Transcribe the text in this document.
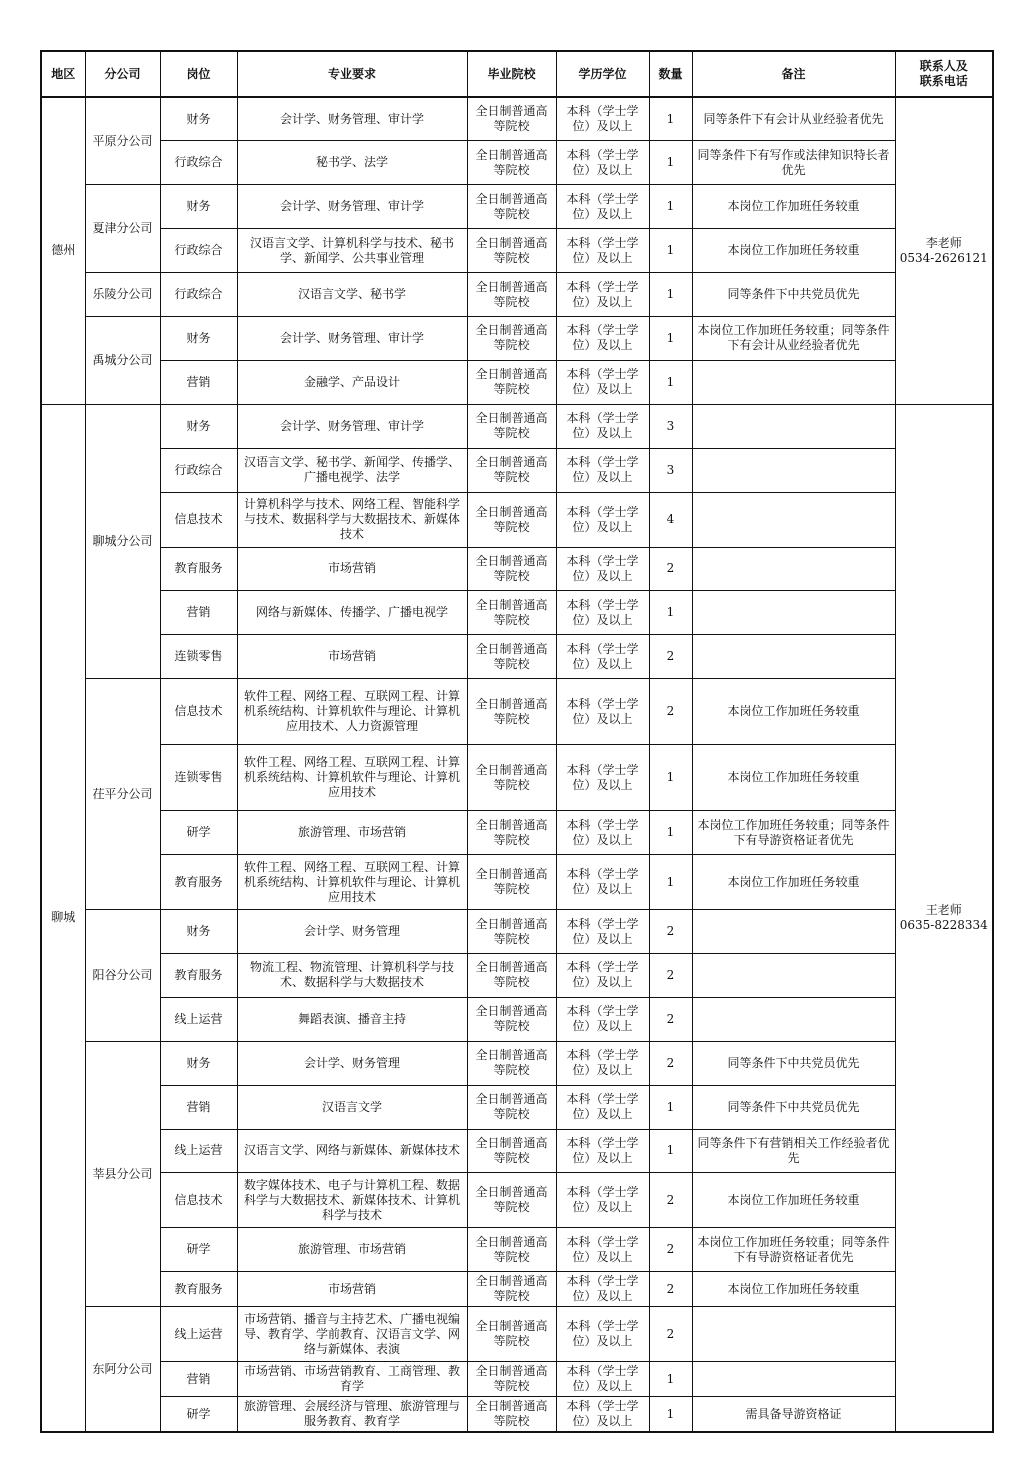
地区	分公司	岗位	专业要求	毕业院校	学历学位	数量	备注	联系人及
联系电话
德州	平原分公司	财务	会计学、财务管理、审计学	全日制普通高等院校	本科（学士学位）及以上	1	同等条件下有会计从业经验者优先	李老师
0534-2626121
		行政综合	秘书学、法学	全日制普通高等院校	本科（学士学位）及以上	1	同等条件下有写作或法律知识特长者优先	
	夏津分公司	财务	会计学、财务管理、审计学	全日制普通高等院校	本科（学士学位）及以上	1	本岗位工作加班任务较重	
		行政综合	汉语言文学、计算机科学与技术、秘书学、新闻学、公共事业管理	全日制普通高等院校	本科（学士学位）及以上	1	本岗位工作加班任务较重	
	乐陵分公司	行政综合	汉语言文学、秘书学	全日制普通高等院校	本科（学士学位）及以上	1	同等条件下中共党员优先	
	禹城分公司	财务	会计学、财务管理、审计学	全日制普通高等院校	本科（学士学位）及以上	1	本岗位工作加班任务较重；同等条件下有会计从业经验者优先	
		营销	金融学、产品设计	全日制普通高等院校	本科（学士学位）及以上	1		
聊城	聊城分公司	财务	会计学、财务管理、审计学	全日制普通高等院校	本科（学士学位）及以上	3		王老师
0635-8228334
		行政综合	汉语言文学、秘书学、新闻学、传播学、广播电视学、法学	全日制普通高等院校	本科（学士学位）及以上	3		
		信息技术	计算机科学与技术、网络工程、智能科学与技术、数据科学与大数据技术、新媒体技术	全日制普通高等院校	本科（学士学位）及以上	4		
		教育服务	市场营销	全日制普通高等院校	本科（学士学位）及以上	2		
		营销	网络与新媒体、传播学、广播电视学	全日制普通高等院校	本科（学士学位）及以上	1		
		连锁零售	市场营销	全日制普通高等院校	本科（学士学位）及以上	2		
	茌平分公司	信息技术	软件工程、网络工程、互联网工程、计算机系统结构、计算机软件与理论、计算机应用技术、人力资源管理	全日制普通高等院校	本科（学士学位）及以上	2	本岗位工作加班任务较重	
		连锁零售	软件工程、网络工程、互联网工程、计算机系统结构、计算机软件与理论、计算机应用技术	全日制普通高等院校	本科（学士学位）及以上	1	本岗位工作加班任务较重	
		研学	旅游管理、市场营销	全日制普通高等院校	本科（学士学位）及以上	1	本岗位工作加班任务较重；同等条件下有导游资格证者优先	
		教育服务	软件工程、网络工程、互联网工程、计算机系统结构、计算机软件与理论、计算机应用技术	全日制普通高等院校	本科（学士学位）及以上	1	本岗位工作加班任务较重	
	阳谷分公司	财务	会计学、财务管理	全日制普通高等院校	本科（学士学位）及以上	2		
		教育服务	物流工程、物流管理、计算机科学与技术、数据科学与大数据技术	全日制普通高等院校	本科（学士学位）及以上	2		
		线上运营	舞蹈表演、播音主持	全日制普通高等院校	本科（学士学位）及以上	2		
	莘县分公司	财务	会计学、财务管理	全日制普通高等院校	本科（学士学位）及以上	2	同等条件下中共党员优先	
		营销	汉语言文学	全日制普通高等院校	本科（学士学位）及以上	1	同等条件下中共党员优先	
		线上运营	汉语言文学、网络与新媒体、新媒体技术	全日制普通高等院校	本科（学士学位）及以上	1	同等条件下有营销相关工作经验者优先	
		信息技术	数字媒体技术、电子与计算机工程、数据科学与大数据技术、新媒体技术、计算机科学与技术	全日制普通高等院校	本科（学士学位）及以上	2	本岗位工作加班任务较重	
		研学	旅游管理、市场营销	全日制普通高等院校	本科（学士学位）及以上	2	本岗位工作加班任务较重；同等条件下有导游资格证者优先	
		教育服务	市场营销	全日制普通高等院校	本科（学士学位）及以上	2	本岗位工作加班任务较重	
	东阿分公司	线上运营	市场营销、播音与主持艺术、广播电视编导、教育学、学前教育、汉语言文学、网络与新媒体、表演	全日制普通高等院校	本科（学士学位）及以上	2		
		营销	市场营销、市场营销教育、工商管理、教育学	全日制普通高等院校	本科（学士学位）及以上	1		
		研学	旅游管理、会展经济与管理、旅游管理与服务教育、教育学	全日制普通高等院校	本科（学士学位）及以上	1	需具备导游资格证	
